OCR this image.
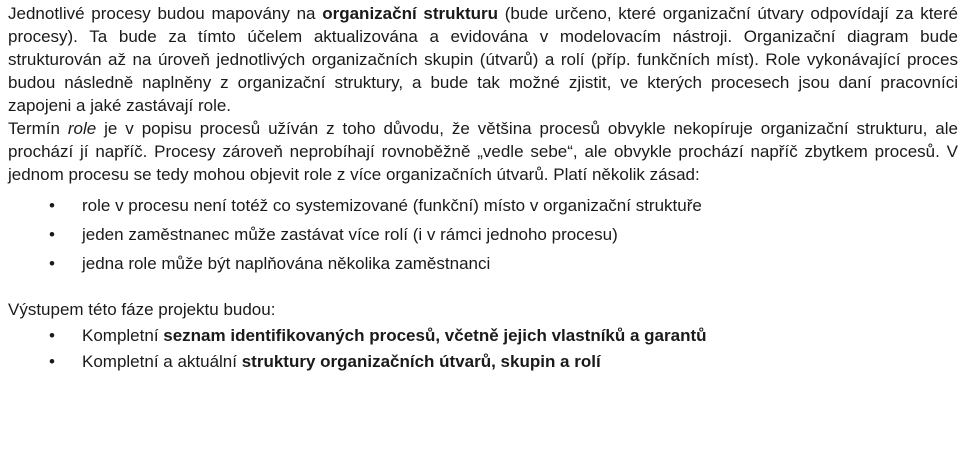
Jednotlivé procesy budou mapovány na organizační strukturu (bude určeno, které organizační útvary odpovídají za které procesy). Ta bude za tímto účelem aktualizována a evidována v modelovacím nástroji. Organizační diagram bude strukturován až na úroveň jednotlivých organizačních skupin (útvarů) a rolí (příp. funkčních míst). Role vykonávající proces budou následně naplněny z organizační struktury, a bude tak možné zjistit, ve kterých procesech jsou daní pracovníci zapojeni a jaké zastávají role.

Termín role je v popisu procesů užíván z toho důvodu, že většina procesů obvykle nekopíruje organizační strukturu, ale prochází jí napříč. Procesy zároveň neprobíhají rovnoběžně „vedle sebe“, ale obvykle prochází napříč zbytkem procesů. V jednom procesu se tedy mohou objevit role z více organizačních útvarů. Platí několik zásad:

• role v procesu není totéž co systemizované (funkční) místo v organizační struktuře
• jeden zaměstnanec může zastávat více rolí (i v rámci jednoho procesu)
• jedna role může být naplňována několika zaměstnanci

Výstupem této fáze projektu budou:

• Kompletní seznam identifikovaných procesů, včetně jejich vlastníků a garantů
• Kompletní a aktuální struktury organizačních útvarů, skupin a rolí
